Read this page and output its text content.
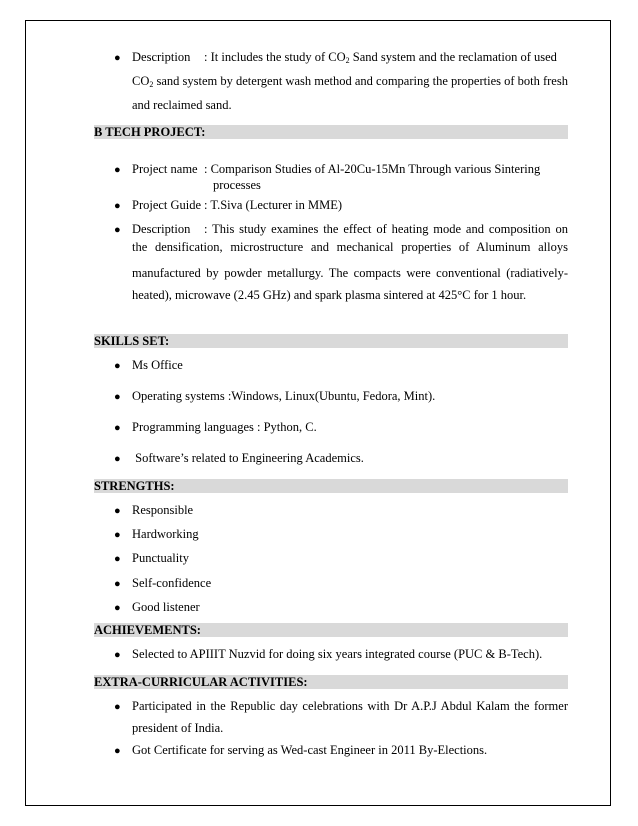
● Description : It includes the study of $CO_2$ Sand system and the reclamation of used
$CO_2$ sand system by detergent wash method and comparing the properties of both fresh
and reclaimed sand.
B TECH PROJECT:
● Project name : Comparison Studies of Al-20Cu-15Mn Through various Sintering
processes
● Project Guide : T.Siva (Lecturer in MME)
● Description : This study examines the effect of heating mode and composition on
the densification, microstructure and mechanical properties of Aluminum alloys
manufactured by powder metallurgy. The compacts were conventional (radiatively-
heated), microwave (2.45 GHz) and spark plasma sintered at 425°C for 1 hour.
SKILLS SET:
● Ms Office
● Operating systems :Windows, Linux(Ubuntu, Fedora, Mint).
● Programming languages : Python, C.
● Software’s related to Engineering Academics.
STRENGTHS:
● Responsible
● Hardworking
● Punctuality
● Self-confidence
● Good listener
ACHIEVEMENTS:
● Selected to APIIIT Nuzvid for doing six years integrated course (PUC & B-Tech).
EXTRA-CURRICULAR ACTIVITIES:
● Participated in the Republic day celebrations with Dr A.P.J Abdul Kalam the former
president of India.
● Got Certificate for serving as Wed-cast Engineer in 2011 By-Elections.
